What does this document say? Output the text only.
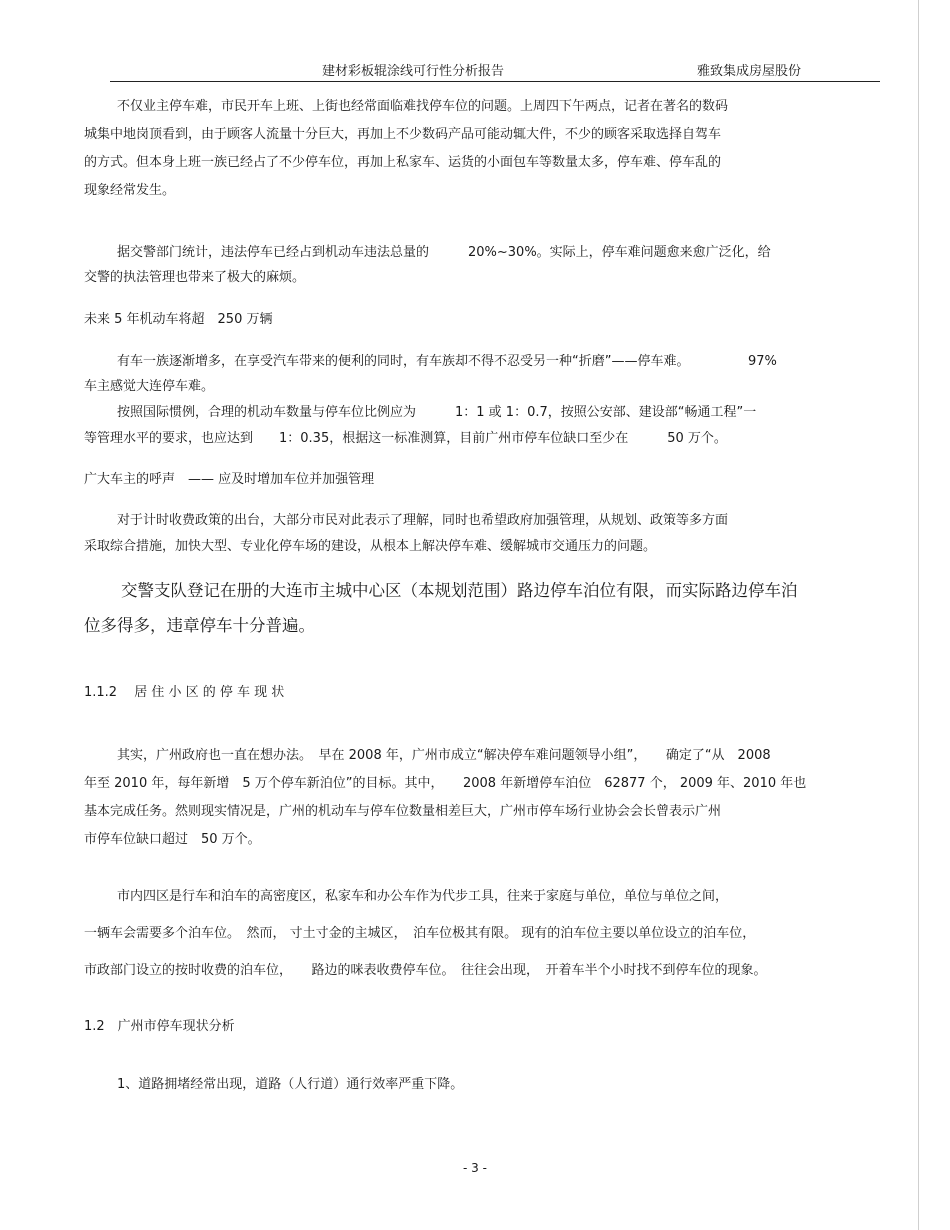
建材彩板辊涂线可行性分析报告	雅致集成房屋股份
不仅业主停车难，市民开车上班、上街也经常面临难找停车位的问题。上周四下午两点，记者在著名的数码
城集中地岗顶看到，由于顾客人流量十分巨大，再加上不少数码产品可能动辄大件，不少的顾客采取选择自驾车
的方式。但本身上班一族已经占了不少停车位，再加上私家车、运货的小面包车等数量太多，停车难、停车乱的
现象经常发生。
据交警部门统计，违法停车已经占到机动车违法总量的　　　20%~30%。实际上，停车难问题愈来愈广泛化，给
交警的执法管理也带来了极大的麻烦。
未来 5 年机动车将超　250 万辆
有车一族逐渐增多，在享受汽车带来的便利的同时，有车族却不得不忍受另一种“折磨”——停车难。　　　　　97%
车主感觉大连停车难。
按照国际惯例，合理的机动车数量与停车位比例应为　　　1：1 或 1：0.7，按照公安部、建设部“畅通工程”一
等管理水平的要求，也应达到　　1：0.35，根据这一标准测算，目前广州市停车位缺口至少在　　　50 万个。
广大车主的呼声　—— 应及时增加车位并加强管理
对于计时收费政策的出台，大部分市民对此表示了理解，同时也希望政府加强管理，从规划、政策等多方面
采取综合措施，加快大型、专业化停车场的建设，从根本上解决停车难、缓解城市交通压力的问题。
交警支队登记在册的大连市主城中心区（本规划范围）路边停车泊位有限，而实际路边停车泊
位多得多，违章停车十分普遍。
1.1.2　 居 住 小 区 的 停 车 现 状
其实，广州政府也一直在想办法。　早在 2008 年，广州市成立“解决停车难问题领导小组”，　　确定了“从　2008
年至 2010 年，每年新增　5 万个停车新泊位”的目标。其中，　　2008 年新增停车泊位　62877 个， 2009 年、2010 年也
基本完成任务。然则现实情况是，广州的机动车与停车位数量相差巨大，广州市停车场行业协会会长曾表示广州
市停车位缺口超过　50 万个。
市内四区是行车和泊车的高密度区，私家车和办公车作为代步工具，往来于家庭与单位，单位与单位之间，
一辆车会需要多个泊车位。　然而， 寸土寸金的主城区，　泊车位极其有限。 现有的泊车位主要以单位设立的泊车位，
市政部门设立的按时收费的泊车位，　　路边的咪表收费停车位。　往往会出现，　开着车半个小时找不到停车位的现象。
1.2　广州市停车现状分析
1、道路拥堵经常出现，道路（人行道）通行效率严重下降。
- 3 -
